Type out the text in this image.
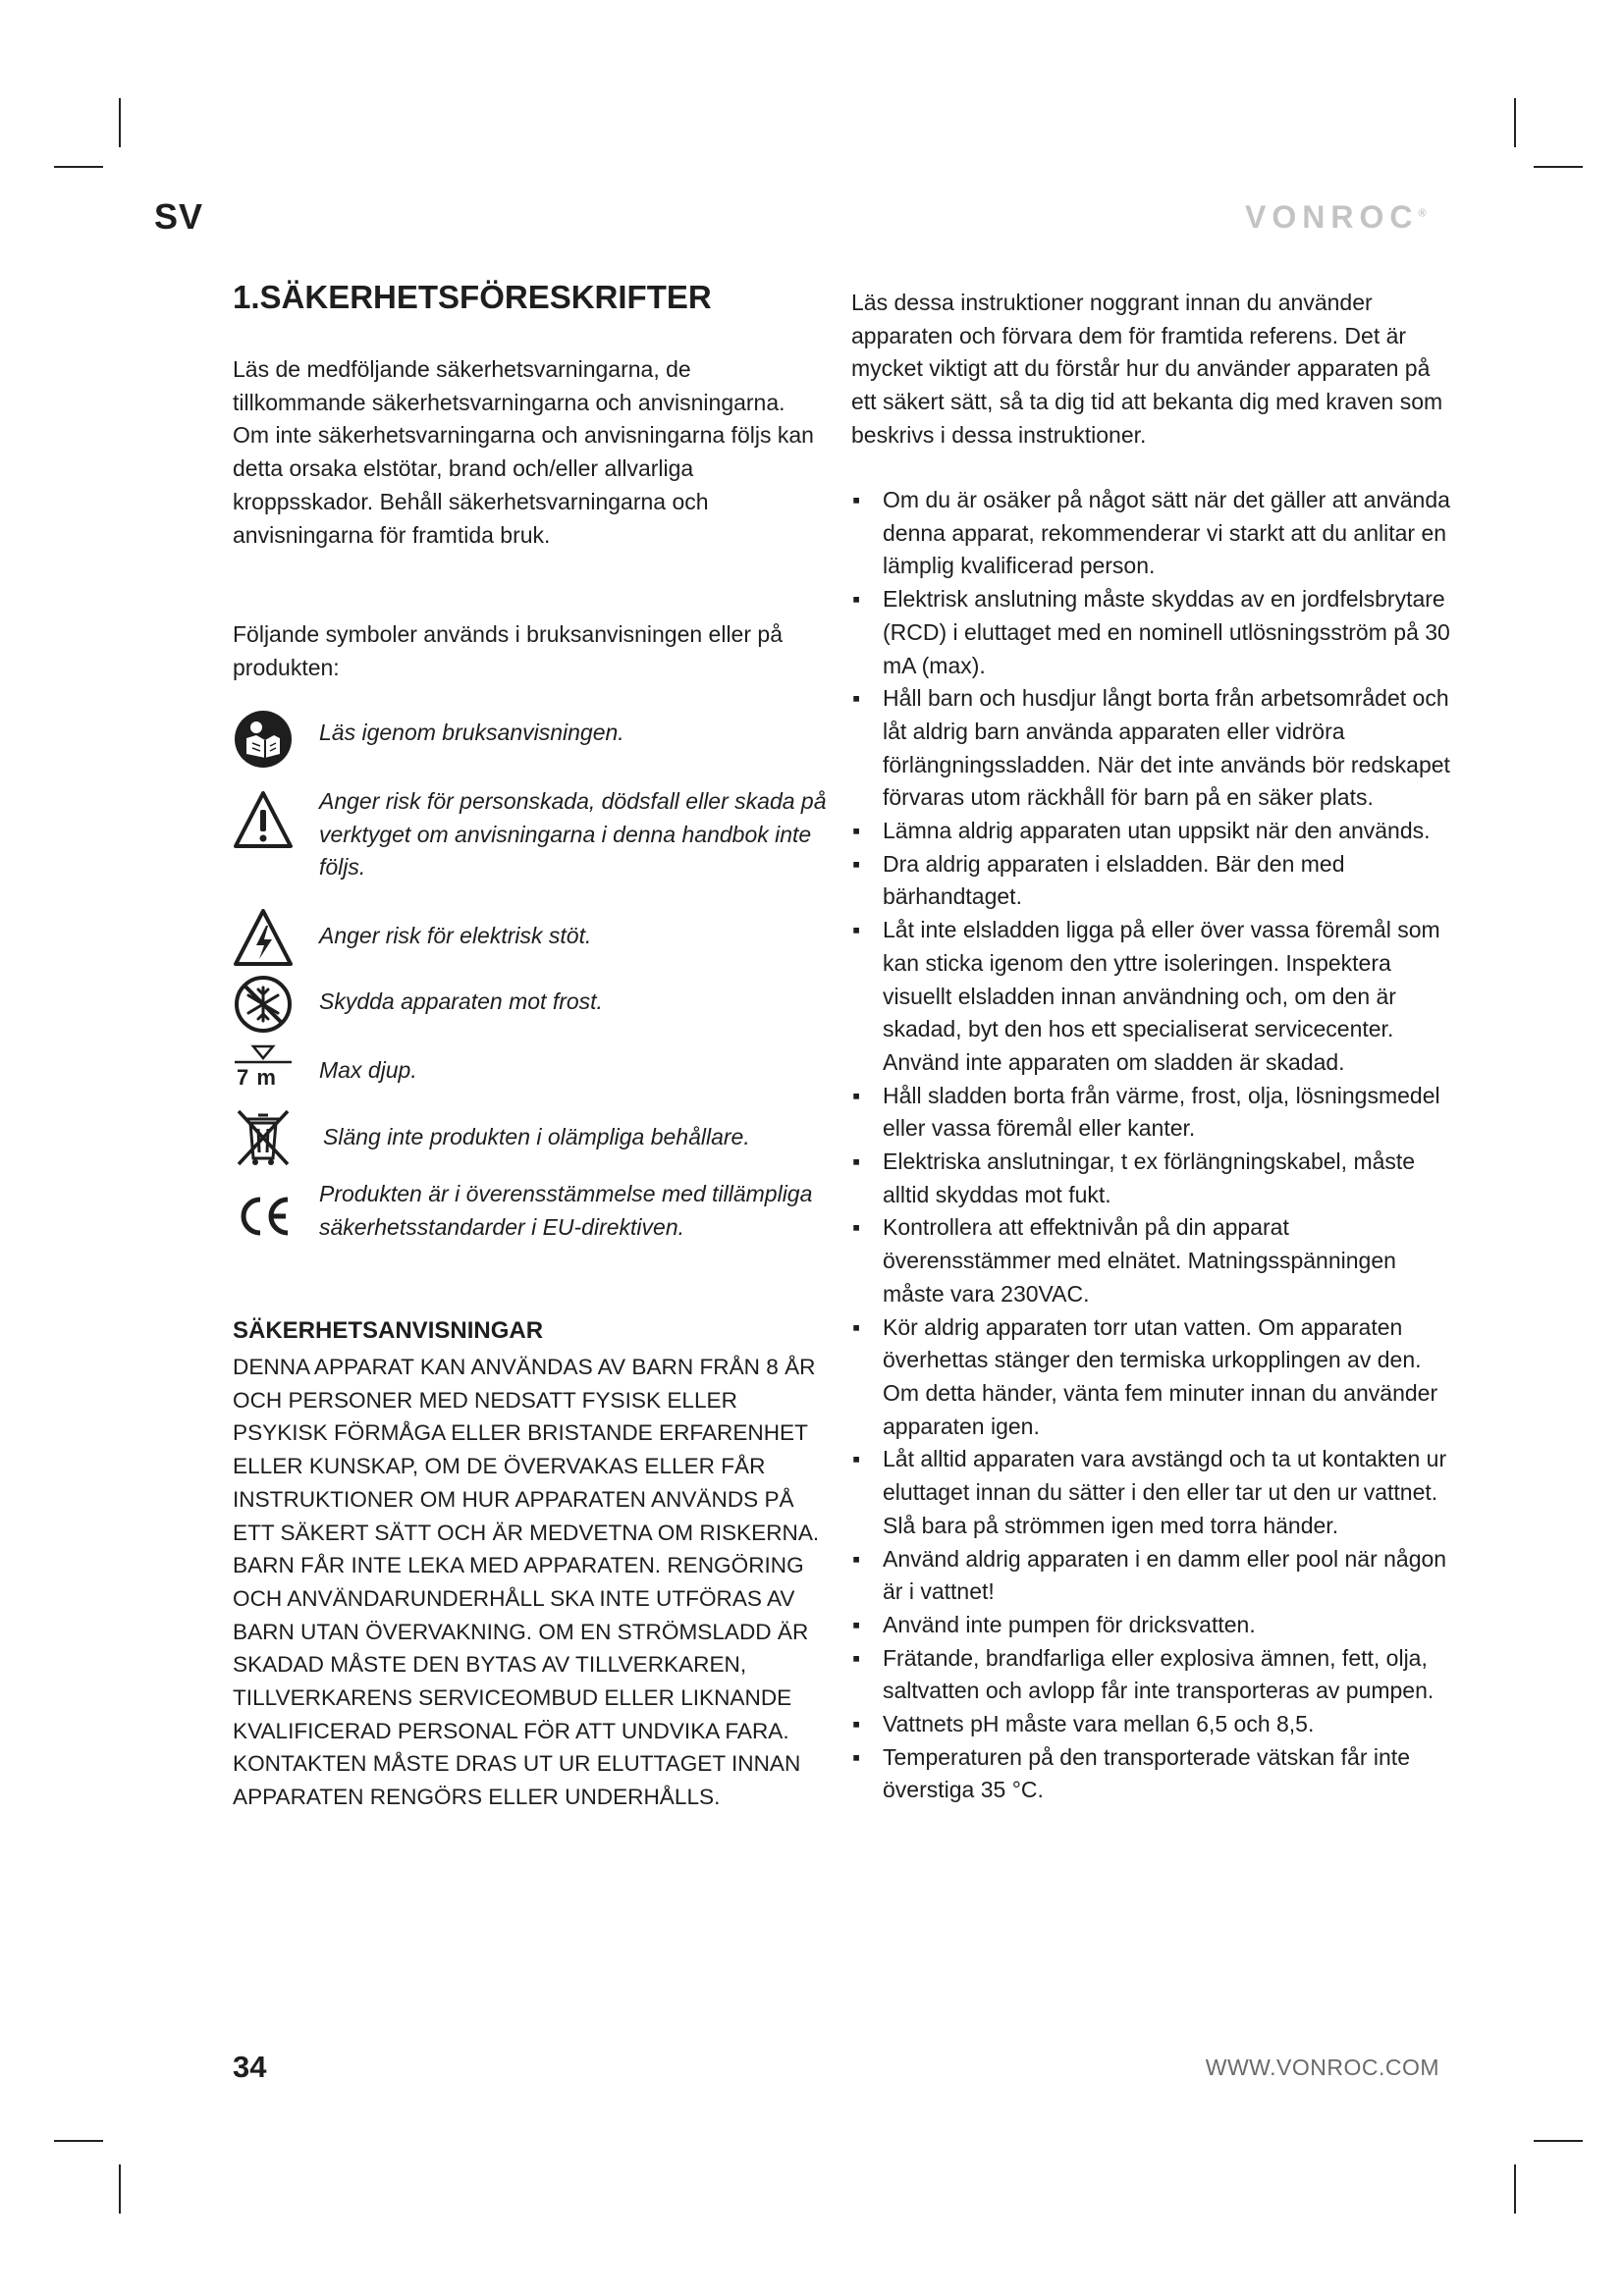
SV	VONROC®
1.SÄKERHETSFÖRESKRIFTER

Läs de medföljande säkerhetsvarningarna, de tillkommande säkerhetsvarningarna och anvisningarna. Om inte säkerhetsvarningarna och anvisningarna följs kan detta orsaka elstötar, brand och/eller allvarliga kroppsskador. Behåll säkerhetsvarningarna och anvisningarna för framtida bruk.

Följande symboler används i bruksanvisningen eller på produkten:

Läs igenom bruksanvisningen.

Anger risk för personskada, dödsfall eller skada på verktyget om anvisningarna i denna handbok inte följs.

Anger risk för elektrisk stöt.

Skydda apparaten mot frost.

7 m Max djup.

Släng inte produkten i olämpliga behållare.

Produkten är i överensstämmelse med tillämpliga säkerhetsstandarder i EU-direktiven.

SÄKERHETSANVISNINGAR

DENNA APPARAT KAN ANVÄNDAS AV BARN FRÅN 8 ÅR OCH PERSONER MED NEDSATT FYSISK ELLER PSYKISK FÖRMÅGA ELLER BRISTANDE ERFARENHET ELLER KUNSKAP, OM DE ÖVERVAKAS ELLER FÅR INSTRUKTIONER OM HUR APPARATEN ANVÄNDS PÅ ETT SÄKERT SÄTT OCH ÄR MEDVETNA OM RISKERNA. BARN FÅR INTE LEKA MED APPARATEN. RENGÖRING OCH ANVÄNDARUNDERHÅLL SKA INTE UTFÖRAS AV BARN UTAN ÖVERVAKNING. OM EN STRÖMSLADD ÄR SKADAD MÅSTE DEN BYTAS AV TILLVERKAREN, TILLVERKARENS SERVICEOMBUD ELLER LIKNANDE KVALIFICERAD PERSONAL FÖR ATT UNDVIKA FARA. KONTAKTEN MÅSTE DRAS UT UR ELUTTAGET INNAN APPARATEN RENGÖRS ELLER UNDERHÅLLS.

Läs dessa instruktioner noggrant innan du använder apparaten och förvara dem för framtida referens. Det är mycket viktigt att du förstår hur du använder apparaten på ett säkert sätt, så ta dig tid att bekanta dig med kraven som beskrivs i dessa instruktioner.

▪ Om du är osäker på något sätt när det gäller att använda denna apparat, rekommenderar vi starkt att du anlitar en lämplig kvalificerad person.
▪ Elektrisk anslutning måste skyddas av en jordfelsbrytare (RCD) i eluttaget med en nominell utlösningsström på 30 mA (max).
▪ Håll barn och husdjur långt borta från arbetsområdet och låt aldrig barn använda apparaten eller vidröra förlängningssladden. När det inte används bör redskapet förvaras utom räckhåll för barn på en säker plats.
▪ Lämna aldrig apparaten utan uppsikt när den används.
▪ Dra aldrig apparaten i elsladden. Bär den med bärhandtaget.
▪ Låt inte elsladden ligga på eller över vassa föremål som kan sticka igenom den yttre isoleringen. Inspektera visuellt elsladden innan användning och, om den är skadad, byt den hos ett specialiserat servicecenter. Använd inte apparaten om sladden är skadad.
▪ Håll sladden borta från värme, frost, olja, lösningsmedel eller vassa föremål eller kanter.
▪ Elektriska anslutningar, t ex förlängningskabel, måste alltid skyddas mot fukt.
▪ Kontrollera att effektnivån på din apparat överensstämmer med elnätet. Matningsspänningen måste vara 230VAC.
▪ Kör aldrig apparaten torr utan vatten. Om apparaten överhettas stänger den termiska urkopplingen av den. Om detta händer, vänta fem minuter innan du använder apparaten igen.
▪ Låt alltid apparaten vara avstängd och ta ut kontakten ur eluttaget innan du sätter i den eller tar ut den ur vattnet. Slå bara på strömmen igen med torra händer.
▪ Använd aldrig apparaten i en damm eller pool när någon är i vattnet!
▪ Använd inte pumpen för dricksvatten.
▪ Frätande, brandfarliga eller explosiva ämnen, fett, olja, saltvatten och avlopp får inte transporteras av pumpen.
▪ Vattnets pH måste vara mellan 6,5 och 8,5.
▪ Temperaturen på den transporterade vätskan får inte överstiga 35 °C.
34	WWW.VONROC.COM
